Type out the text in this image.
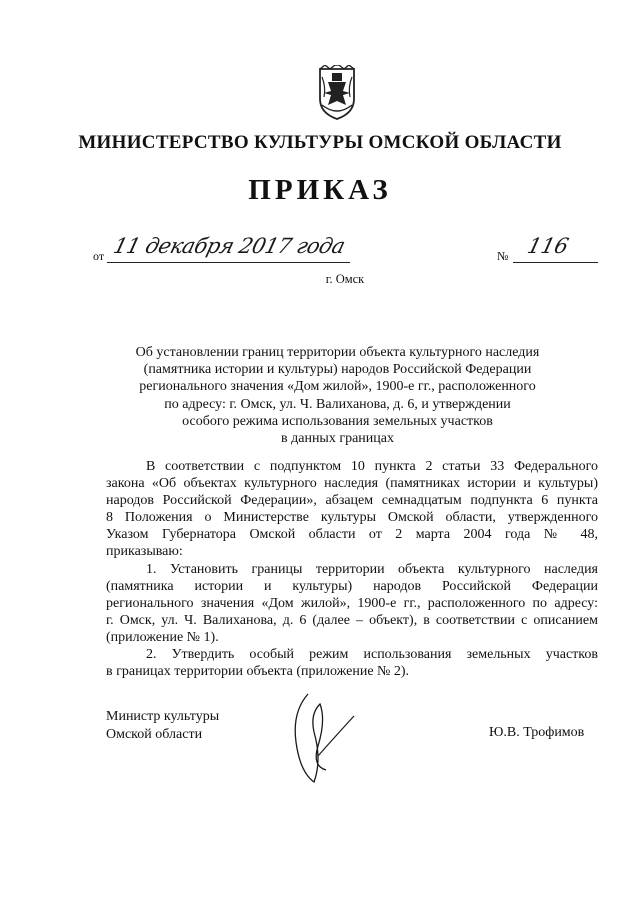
МИНИСТЕРСТВО КУЛЬТУРЫ ОМСКОЙ ОБЛАСТИ
ПРИКАЗ
от 11 декабря 2017 года	№ 116
г. Омск
Об установлении границ территории объекта культурного наследия
(памятника истории и культуры) народов Российской Федерации
регионального значения «Дом жилой», 1900-е гг., расположенного
по адресу: г. Омск, ул. Ч. Валиханова, д. 6, и утверждении
особого режима использования земельных участков
в данных границах
В соответствии с подпунктом 10 пункта 2 статьи 33 Федерального
закона «Об объектах культурного наследия (памятниках истории и культуры)
народов Российской Федерации», абзацем семнадцатым подпункта 6 пункта
8 Положения о Министерстве культуры Омской области, утвержденного
Указом Губернатора Омской области от 2 марта 2004 года № 48,
приказываю:
1. Установить границы территории объекта культурного наследия
(памятника истории и культуры) народов Российской Федерации
регионального значения «Дом жилой», 1900-е гг., расположенного по адресу:
г. Омск, ул. Ч. Валиханова, д. 6 (далее – объект), в соответствии с описанием
(приложение № 1).
2. Утвердить особый режим использования земельных участков
в границах территории объекта (приложение № 2).
Министр культуры
Омской области	Ю.В. Трофимов
